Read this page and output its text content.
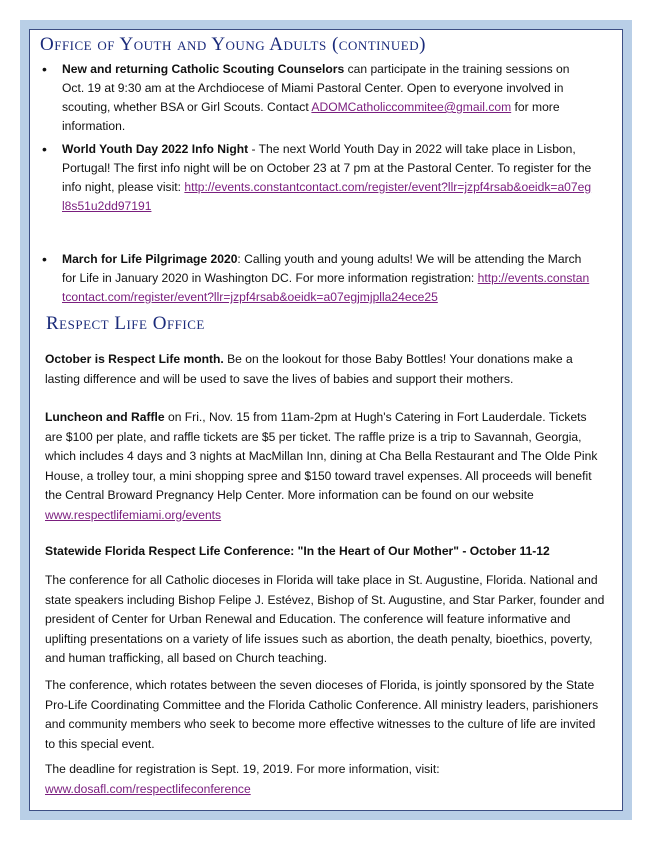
Office of Youth and Young Adults (continued)
• New and returning Catholic Scouting Counselors can participate in the training sessions on Oct. 19 at 9:30 am at the Archdiocese of Miami Pastoral Center. Open to everyone involved in scouting, whether BSA or Girl Scouts. Contact ADOMCatholiccommitee@gmail.com for more information.
• World Youth Day 2022 Info Night - The next World Youth Day in 2022 will take place in Lisbon, Portugal! The first info night will be on October 23 at 7 pm at the Pastoral Center. To register for the info night, please visit: http://events.constantcontact.com/register/event?llr=jzpf4rsab&oeidk=a07egl8s51u2dd97191
• March for Life Pilgrimage 2020: Calling youth and young adults! We will be attending the March for Life in January 2020 in Washington DC. For more information registration: http://events.constantcontact.com/register/event?llr=jzpf4rsab&oeidk=a07egjmjplla24ece25
Respect Life Office
October is Respect Life month. Be on the lookout for those Baby Bottles! Your donations make a lasting difference and will be used to save the lives of babies and support their mothers.
Luncheon and Raffle on Fri., Nov. 15 from 11am-2pm at Hugh's Catering in Fort Lauderdale. Tickets are $100 per plate, and raffle tickets are $5 per ticket. The raffle prize is a trip to Savannah, Georgia, which includes 4 days and 3 nights at MacMillan Inn, dining at Cha Bella Restaurant and The Olde Pink House, a trolley tour, a mini shopping spree and $150 toward travel expenses. All proceeds will benefit the Central Broward Pregnancy Help Center. More information can be found on our website www.respectlifemiami.org/events
Statewide Florida Respect Life Conference: "In the Heart of Our Mother" - October 11-12
The conference for all Catholic dioceses in Florida will take place in St. Augustine, Florida. National and state speakers including Bishop Felipe J. Estévez, Bishop of St. Augustine, and Star Parker, founder and president of Center for Urban Renewal and Education. The conference will feature informative and uplifting presentations on a variety of life issues such as abortion, the death penalty, bioethics, poverty, and human trafficking, all based on Church teaching.
The conference, which rotates between the seven dioceses of Florida, is jointly sponsored by the State Pro-Life Coordinating Committee and the Florida Catholic Conference. All ministry leaders, parishioners and community members who seek to become more effective witnesses to the culture of life are invited to this special event.
The deadline for registration is Sept. 19, 2019. For more information, visit: www.dosafl.com/respectlifeconference
